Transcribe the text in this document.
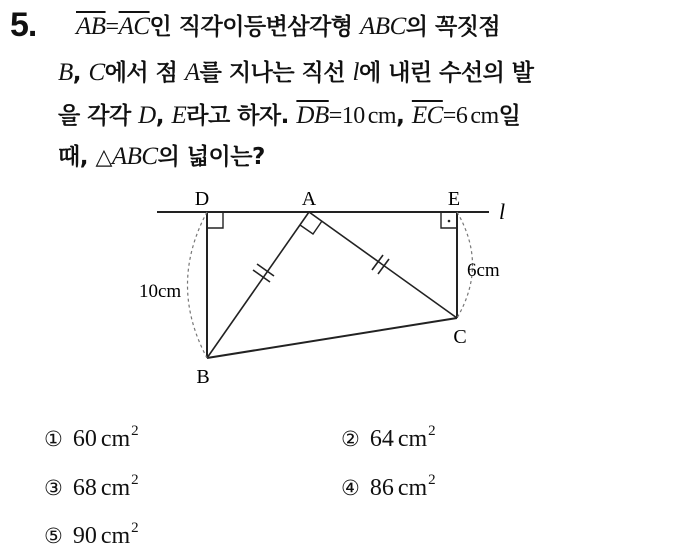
5. $\overline{AB}=\overline{AC}$인 직각이등변삼각형 ABC의 꼭짓점
B, C에서 점 A를 지나는 직선 l에 내린 수선의 발
을 각각 D, E라고 하자. $\overline{DB}=10$ cm, $\overline{EC}=6$ cm일
때, △ABC의 넓이는?
D	A	E l
C
B
10cm
6cm
① 60 $cm^2$	② 64 $cm^2$
③ 68 $cm^2$	④ 86 $cm^2$
⑤ 90 $cm^2$
